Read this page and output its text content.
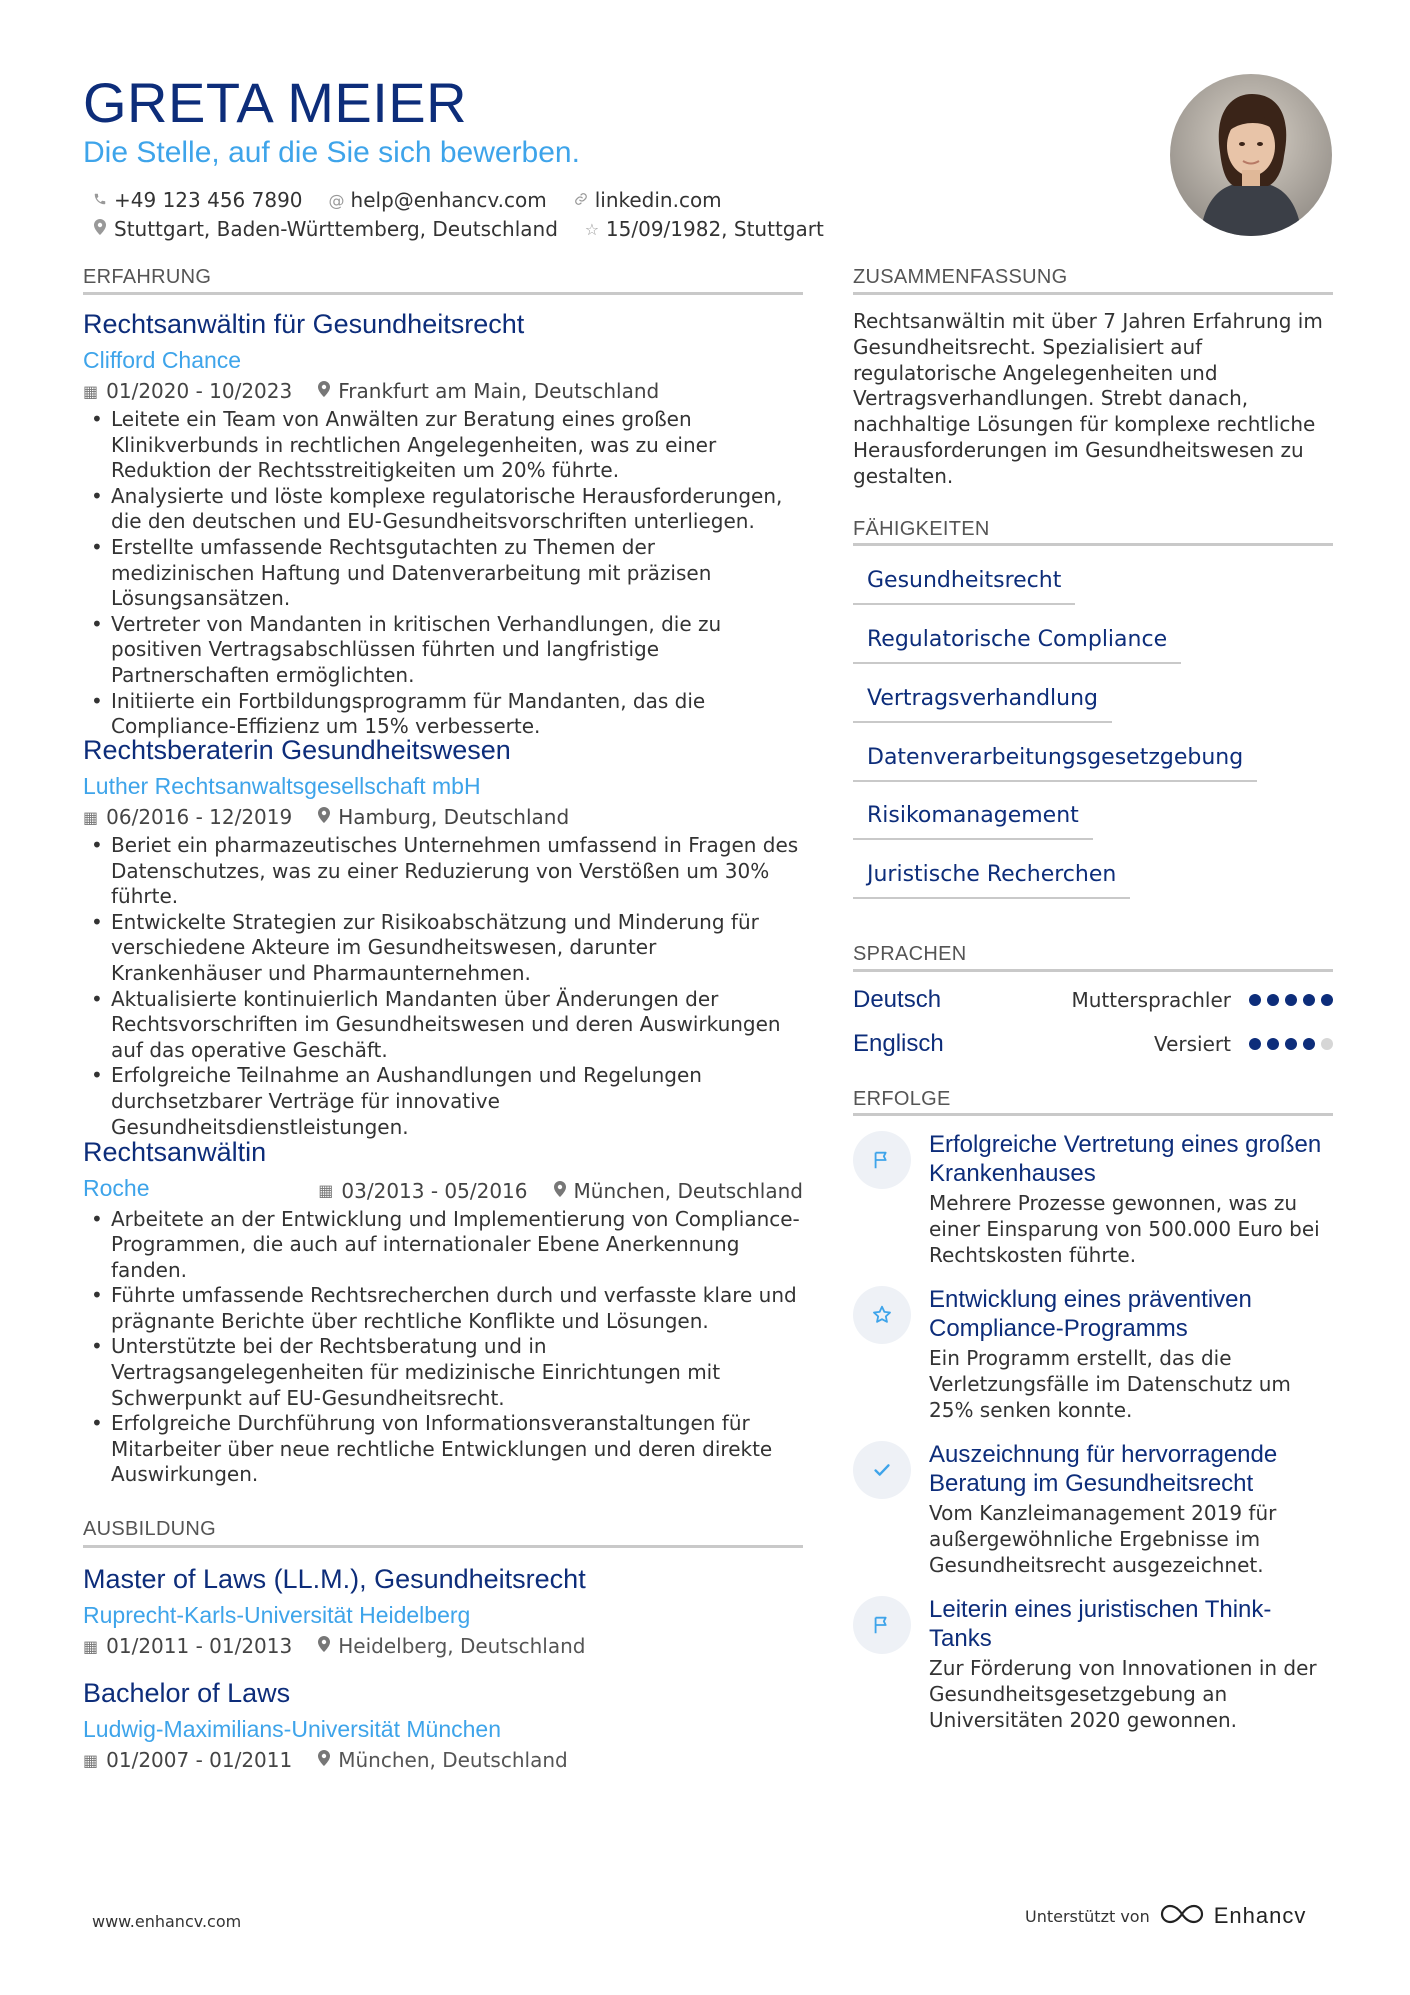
GRETA MEIER
Die Stelle, auf die Sie sich bewerben.
+49 123 456 7890 @ help@enhancv.com linkedin.com
Stuttgart, Baden-Württemberg, Deutschland ☆ 15/09/1982, Stuttgart
ERFAHRUNG
Rechtsanwältin für Gesundheitsrecht
Clifford Chance
▦ 01/2020 - 10/2023 Frankfurt am Main, Deutschland
• Leitete ein Team von Anwälten zur Beratung eines großen Klinikverbunds in rechtlichen Angelegenheiten, was zu einer Reduktion der Rechtsstreitigkeiten um 20% führte.
• Analysierte und löste komplexe regulatorische Herausforderungen, die den deutschen und EU-Gesundheitsvorschriften unterliegen.
• Erstellte umfassende Rechtsgutachten zu Themen der medizinischen Haftung und Datenverarbeitung mit präzisen Lösungsansätzen.
• Vertreter von Mandanten in kritischen Verhandlungen, die zu positiven Vertragsabschlüssen führten und langfristige Partnerschaften ermöglichten.
• Initiierte ein Fortbildungsprogramm für Mandanten, das die Compliance-Effizienz um 15% verbesserte.
Rechtsberaterin Gesundheitswesen
Luther Rechtsanwaltsgesellschaft mbH
▦ 06/2016 - 12/2019 Hamburg, Deutschland
• Beriet ein pharmazeutisches Unternehmen umfassend in Fragen des Datenschutzes, was zu einer Reduzierung von Verstößen um 30% führte.
• Entwickelte Strategien zur Risikoabschätzung und Minderung für verschiedene Akteure im Gesundheitswesen, darunter Krankenhäuser und Pharmaunternehmen.
• Aktualisierte kontinuierlich Mandanten über Änderungen der Rechtsvorschriften im Gesundheitswesen und deren Auswirkungen auf das operative Geschäft.
• Erfolgreiche Teilnahme an Aushandlungen und Regelungen durchsetzbarer Verträge für innovative Gesundheitsdienstleistungen.
Rechtsanwältin
Roche	▦ 03/2013 - 05/2016 München, Deutschland
• Arbeitete an der Entwicklung und Implementierung von Compliance-Programmen, die auch auf internationaler Ebene Anerkennung fanden.
• Führte umfassende Rechtsrecherchen durch und verfasste klare und prägnante Berichte über rechtliche Konflikte und Lösungen.
• Unterstützte bei der Rechtsberatung und in Vertragsangelegenheiten für medizinische Einrichtungen mit Schwerpunkt auf EU-Gesundheitsrecht.
• Erfolgreiche Durchführung von Informationsveranstaltungen für Mitarbeiter über neue rechtliche Entwicklungen und deren direkte Auswirkungen.
AUSBILDUNG
Master of Laws (LL.M.), Gesundheitsrecht
Ruprecht-Karls-Universität Heidelberg
▦ 01/2011 - 01/2013 Heidelberg, Deutschland
Bachelor of Laws
Ludwig-Maximilians-Universität München
▦ 01/2007 - 01/2011 München, Deutschland
ZUSAMMENFASSUNG
Rechtsanwältin mit über 7 Jahren Erfahrung im Gesundheitsrecht. Spezialisiert auf regulatorische Angelegenheiten und Vertragsverhandlungen. Strebt danach, nachhaltige Lösungen für komplexe rechtliche Herausforderungen im Gesundheitswesen zu gestalten.
FÄHIGKEITEN
Gesundheitsrecht
Regulatorische Compliance
Vertragsverhandlung
Datenverarbeitungsgesetzgebung
Risikomanagement
Juristische Recherchen
SPRACHEN
Deutsch	Muttersprachler
Englisch	Versiert
ERFOLGE
Erfolgreiche Vertretung eines großen Krankenhauses
Mehrere Prozesse gewonnen, was zu einer Einsparung von 500.000 Euro bei Rechtskosten führte.
Entwicklung eines präventiven Compliance-Programms
Ein Programm erstellt, das die Verletzungsfälle im Datenschutz um 25% senken konnte.
Auszeichnung für hervorragende Beratung im Gesundheitsrecht
Vom Kanzleimanagement 2019 für außergewöhnliche Ergebnisse im Gesundheitsrecht ausgezeichnet.
Leiterin eines juristischen Think-Tanks
Zur Förderung von Innovationen in der Gesundheitsgesetzgebung an Universitäten 2020 gewonnen.
www.enhancv.com	Unterstützt von	Enhancv
